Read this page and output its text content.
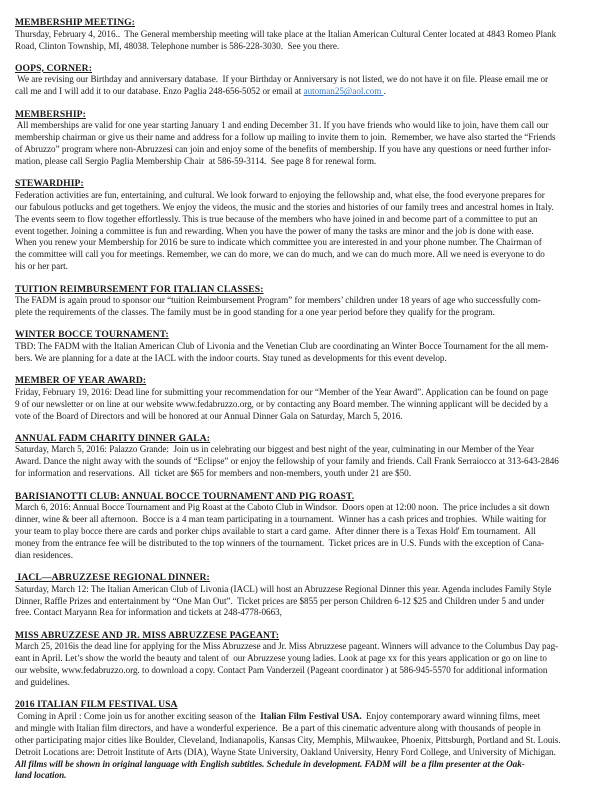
MEMBERSHIP MEETING:
Thursday, February 4, 2016..  The General membership meeting will take place at the Italian American Cultural Center located at 4843 Romeo Plank
Road, Clinton Township, MI, 48038. Telephone number is 586-228-3030.  See you there.
OOPS, CORNER:
We are revising our Birthday and anniversary database.  If your Birthday or Anniversary is not listed, we do not have it on file. Please email me or
call me and I will add it to our database. Enzo Paglia 248-656-5052 or email at automan25@aol.com .
MEMBERSHIP:
All memberships are valid for one year starting January 1 and ending December 31. If you have friends who would like to join, have them call our
membership chairman or give us their name and address for a follow up mailing to invite them to join.  Remember, we have also started the “Friends
of Abruzzo” program where non-Abruzzesi can join and enjoy some of the benefits of membership. If you have any questions or need further infor-
mation, please call Sergio Paglia Membership Chair  at 586-59-3114.  See page 8 for renewal form.
STEWARDHIP:
Federation activities are fun, entertaining, and cultural. We look forward to enjoying the fellowship and, what else, the food everyone prepares for
our fabulous potlucks and get togethers. We enjoy the videos, the music and the stories and histories of our family trees and ancestral homes in Italy.
The events seem to flow together effortlessly. This is true because of the members who have joined in and become part of a committee to put an
event together. Joining a committee is fun and rewarding. When you have the power of many the tasks are minor and the job is done with ease.
When you renew your Membership for 2016 be sure to indicate which committee you are interested in and your phone number. The Chairman of
the committee will call you for meetings. Remember, we can do more, we can do much, and we can do much more. All we need is everyone to do
his or her part.
TUITION REIMBURSEMENT FOR ITALIAN CLASSES:
The FADM is again proud to sponsor our “tuition Reimbursement Program” for members’ children under 18 years of age who successfully com-
plete the requirements of the classes. The family must be in good standing for a one year period before they qualify for the program.
WINTER BOCCE TOURNAMENT:
TBD: The FADM with the Italian American Club of Livonia and the Venetian Club are coordinating an Winter Bocce Tournament for the all mem-
bers. We are planning for a date at the IACL with the indoor courts. Stay tuned as developments for this event develop.
MEMBER OF YEAR AWARD:
Friday, February 19, 2016: Dead line for submitting your recommendation for our “Member of the Year Award”. Application can be found on page
9 of our newsletter or on line at our website www.fedabruzzo.org, or by contacting any Board member. The winning applicant will be decided by a
vote of the Board of Directors and will be honored at our Annual Dinner Gala on Saturday, March 5, 2016.
ANNUAL FADM CHARITY DINNER GALA:
Saturday, March 5, 2016: Palazzo Grande:  Join us in celebrating our biggest and best night of the year, culminating in our Member of the Year
Award. Dance the night away with the sounds of “Eclipse” or enjoy the fellowship of your family and friends. Call Frank Serraiocco at 313-643-2846
for information and reservations.  All  ticket are $65 for members and non-members, youth under 21 are $50.
BARISIANOTTI CLUB: ANNUAL BOCCE TOURNAMENT AND PIG ROAST.
March 6, 2016: Annual Bocce Tournament and Pig Roast at the Caboto Club in Windsor.  Doors open at 12:00 noon.  The price includes a sit down
dinner, wine & beer all afternoon.  Bocce is a 4 man team participating in a tournament.  Winner has a cash prices and trophies.  While waiting for
your team to play bocce there are cards and porker chips available to start a card game.  After dinner there is a Texas Hold' Em tournament.  All
money from the entrance fee will be distributed to the top winners of the tournament.  Ticket prices are in U.S. Funds with the exception of Cana-
dian residences.
IACL—ABRUZZESE REGIONAL DINNER:
Saturday, March 12: The Italian American Club of Livonia (IACL) will host an Abruzzese Regional Dinner this year. Agenda includes Family Style
Dinner, Raffle Prizes and entertainment by “One Man Out”.  Ticket prices are $855 per person Children 6-12 $25 and Children under 5 and under
free. Contact Maryann Rea for information and tickets at 248-4778-0663,
MISS ABRUZZESE AND JR. MISS ABRUZZESE PAGEANT:
March 25, 2016is the dead line for applying for the Miss Abruzzese and Jr. Miss Abruzzese pageant. Winners will advance to the Columbus Day pag-
eant in April. Let’s show the world the beauty and talent of  our Abruzzese young ladies. Look at page xx for this years application or go on line to
our website, www.fedabruzzo.org. to download a copy. Contact Pam Vanderzeil (Pageant coordinator ) at 586-945-5570 for additional information
and guidelines.
2016 ITALIAN FILM FESTIVAL USA
Coming in April : Come join us for another exciting season of the  Italian Film Festival USA.  Enjoy contemporary award winning films, meet
and mingle with Italian film directors, and have a wonderful experience.  Be a part of this cinematic adventure along with thousands of people in
other participating major cities like Boulder, Cleveland, Indianapolis, Kansas City, Memphis, Milwaukee, Phoenix, Pittsburgh, Portland and St. Louis.
Detroit Locations are: Detroit Institute of Arts (DIA), Wayne State University, Oakland University, Henry Ford College, and University of Michigan.
All films will be shown in original language with English subtitles. Schedule in development. FADM will  be a film presenter at the Oak-
land location.
